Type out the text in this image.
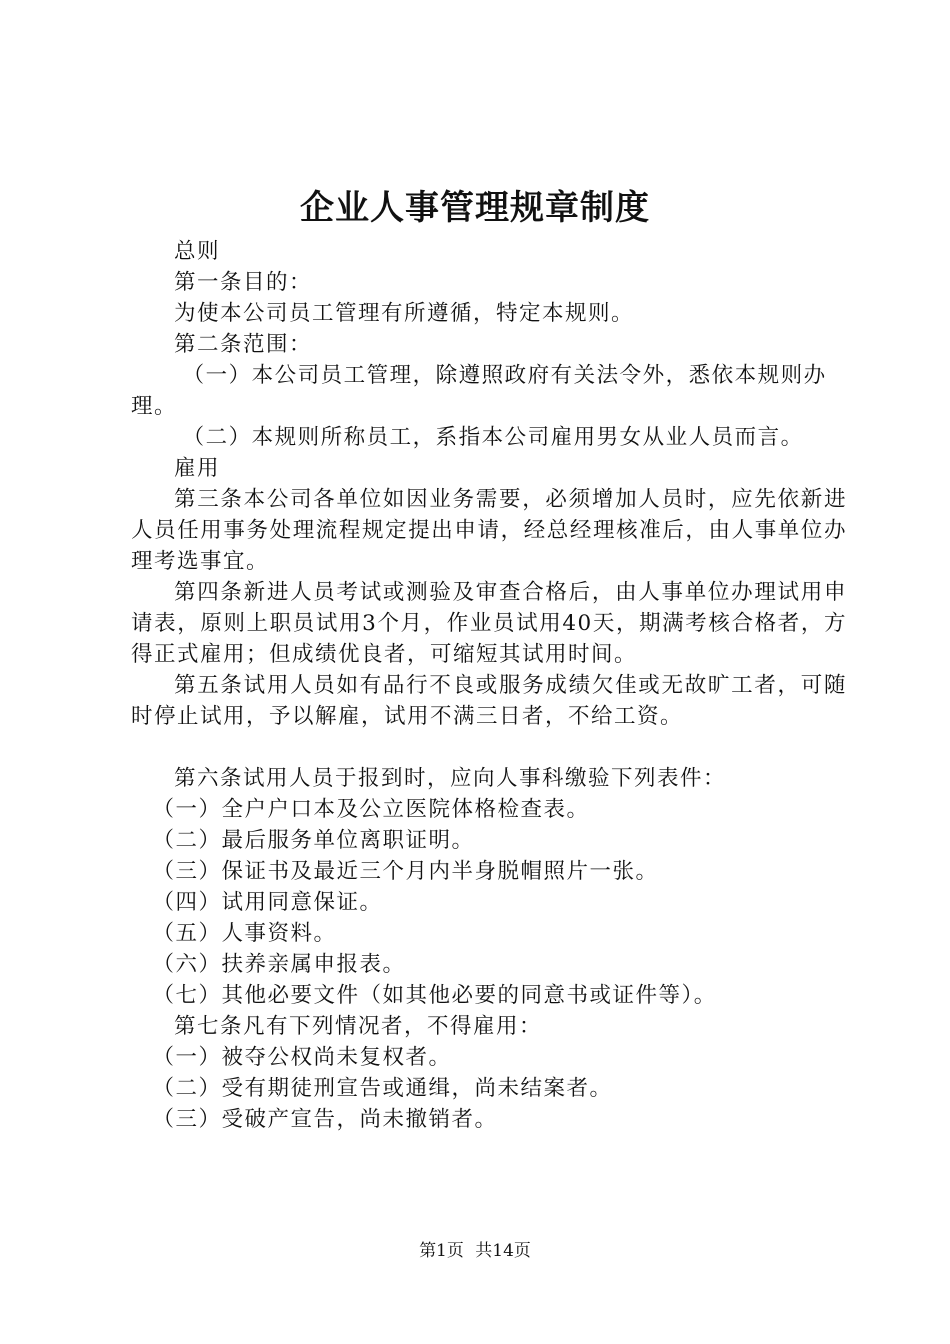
企业人事管理规章制度

总则

第一条目的：

为使本公司员工管理有所遵循，特定本规则。

第二条范围：

（一）本公司员工管理，除遵照政府有关法令外，悉依本规则办理。

（二）本规则所称员工，系指本公司雇用男女从业人员而言。

雇用

第三条本公司各单位如因业务需要，必须增加人员时，应先依新进人员任用事务处理流程规定提出申请，经总经理核准后，由人事单位办理考选事宜。

第四条新进人员考试或测验及审查合格后，由人事单位办理试用申请表，原则上职员试用3个月，作业员试用40天，期满考核合格者，方得正式雇用；但成绩优良者，可缩短其试用时间。

第五条试用人员如有品行不良或服务成绩欠佳或无故旷工者，可随时停止试用，予以解雇，试用不满三日者，不给工资。

第六条试用人员于报到时，应向人事科缴验下列表件：

（一）全户户口本及公立医院体格检查表。

（二）最后服务单位离职证明。

（三）保证书及最近三个月内半身脱帽照片一张。

（四）试用同意保证。

（五）人事资料。

（六）扶养亲属申报表。

（七）其他必要文件（如其他必要的同意书或证件等）。

第七条凡有下列情况者，不得雇用：

（一）被夺公权尚未复权者。

（二）受有期徒刑宣告或通缉，尚未结案者。

（三）受破产宣告，尚未撤销者。

第1页 共14页
